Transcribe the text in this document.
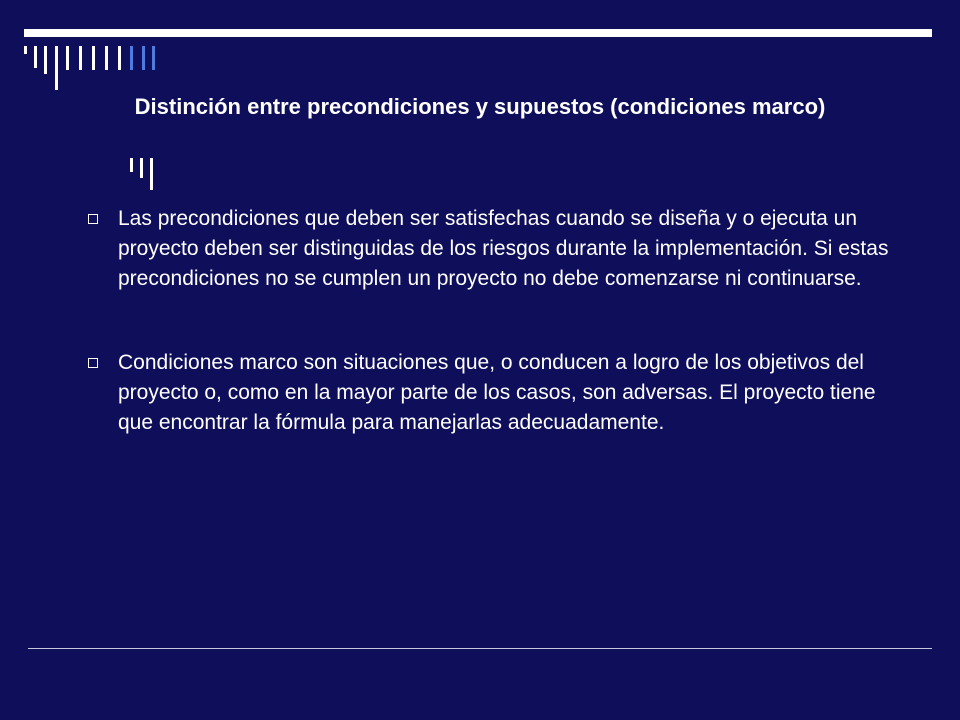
Distinción entre precondiciones y supuestos (condiciones marco)
Las precondiciones que deben ser satisfechas cuando se diseña y o ejecuta un proyecto deben ser distinguidas de los riesgos durante la implementación. Si estas precondiciones no se cumplen un proyecto no debe comenzarse ni continuarse.
Condiciones marco son situaciones que, o conducen a logro de los objetivos del proyecto o, como en la mayor parte de los casos, son adversas. El proyecto tiene que encontrar la fórmula para manejarlas adecuadamente.
